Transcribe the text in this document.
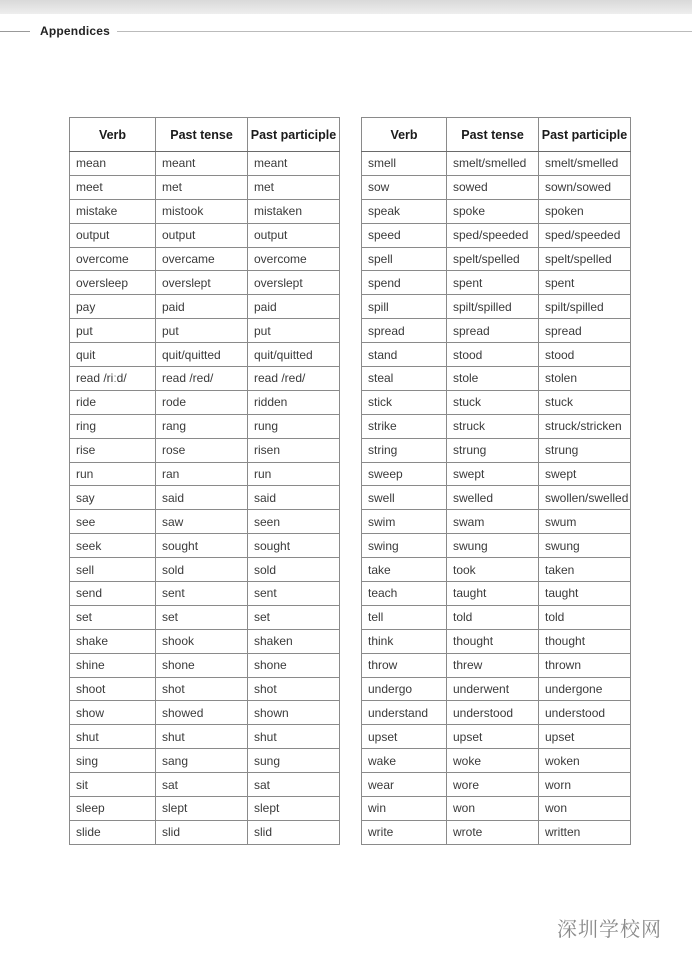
Appendices
Verb	Past tense	Past participle
mean	meant	meant
meet	met	met
mistake	mistook	mistaken
output	output	output
overcome	overcame	overcome
oversleep	overslept	overslept
pay	paid	paid
put	put	put
quit	quit/quitted	quit/quitted
read /riːd/	read /red/	read /red/
ride	rode	ridden
ring	rang	rung
rise	rose	risen
run	ran	run
say	said	said
see	saw	seen
seek	sought	sought
sell	sold	sold
send	sent	sent
set	set	set
shake	shook	shaken
shine	shone	shone
shoot	shot	shot
show	showed	shown
shut	shut	shut
sing	sang	sung
sit	sat	sat
sleep	slept	slept
slide	slid	slid
Verb	Past tense	Past participle
smell	smelt/smelled	smelt/smelled
sow	sowed	sown/sowed
speak	spoke	spoken
speed	sped/speeded	sped/speeded
spell	spelt/spelled	spelt/spelled
spend	spent	spent
spill	spilt/spilled	spilt/spilled
spread	spread	spread
stand	stood	stood
steal	stole	stolen
stick	stuck	stuck
strike	struck	struck/stricken
string	strung	strung
sweep	swept	swept
swell	swelled	swollen/swelled
swim	swam	swum
swing	swung	swung
take	took	taken
teach	taught	taught
tell	told	told
think	thought	thought
throw	threw	thrown
undergo	underwent	undergone
understand	understood	understood
upset	upset	upset
wake	woke	woken
wear	wore	worn
win	won	won
write	wrote	written
深圳学校网
